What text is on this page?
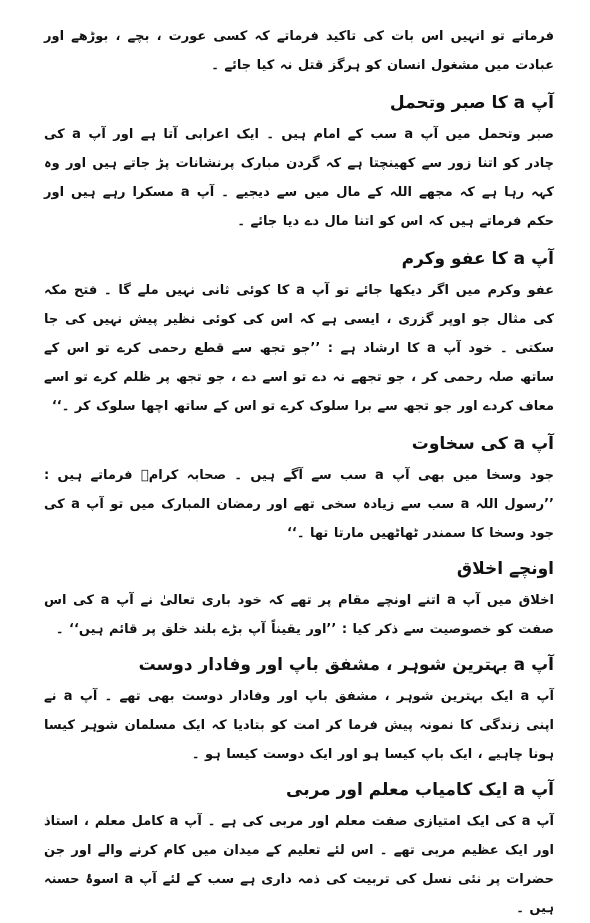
فرماتے تو انہیں اس بات کی تاکید فرماتے کہ کسی عورت ، بچے ، بوڑھے اور عبادت میں مشغول انسان کو ہرگز قتل نہ کیا جائے ۔

آپ a کا صبر وتحمل

صبر وتحمل میں آپ a سب کے امام ہیں ۔ ایک اعرابی آتا ہے اور آپ a کی چادر کو اتنا زور سے کھینچتا ہے کہ گردن مبارک پرنشانات پڑ جاتے ہیں اور وہ کہہ رہا ہے کہ مجھے اللہ کے مال میں سے دیجیے ۔ آپ a مسکرا رہے ہیں اور حکم فرماتے ہیں کہ اس کو اتنا مال دے دیا جائے ۔

آپ a کا عفو وکرم

عفو وکرم میں اگر دیکھا جائے تو آپ a کا کوئی ثانی نہیں ملے گا ۔ فتح مکہ کی مثال جو اوپر گزری ، ایسی ہے کہ اس کی کوئی نظیر پیش نہیں کی جا سکتی ۔ خود آپ a کا ارشاد ہے : ’’جو تجھ سے قطع رحمی کرے تو اس کے ساتھ صلہ رحمی کر ، جو تجھے نہ دے تو اسے دے ، جو تجھ پر ظلم کرے تو اسے معاف کردے اور جو تجھ سے برا سلوک کرے تو اس کے ساتھ اچھا سلوک کر ۔‘‘

آپ a کی سخاوت

جود وسخا میں بھی آپ a سب سے آگے ہیں ۔ صحابہ کرامؓ فرماتے ہیں : ’’رسول اللہ a سب سے زیادہ سخی تھے اور رمضان المبارک میں تو آپ a کی جود وسخا کا سمندر ٹھاٹھیں مارتا تھا ۔‘‘

اونچے اخلاق

اخلاق میں آپ a اتنے اونچے مقام پر تھے کہ خود باری تعالیٰ نے آپ a کی اس صفت کو خصوصیت سے ذکر کیا : ’’اور یقیناً آپ بڑے بلند خلق پر قائم ہیں‘‘ ۔

آپ a بہترین شوہر ، مشفق باپ اور وفادار دوست

آپ a ایک بہترین شوہر ، مشفق باپ اور وفادار دوست بھی تھے ۔ آپ a نے اپنی زندگی کا نمونہ پیش فرما کر امت کو بتادیا کہ ایک مسلمان شوہر کیسا ہونا چاہیے ، ایک باپ کیسا ہو اور ایک دوست کیسا ہو ۔

آپ a ایک کامیاب معلم اور مربی

آپ a کی ایک امتیازی صفت معلم اور مربی کی ہے ۔ آپ a کامل معلم ، استاذ اور ایک عظیم مربی تھے ۔ اس لئے تعلیم کے میدان میں کام کرنے والے اور جن حضرات پر نئی نسل کی تربیت کی ذمہ داری ہے سب کے لئے آپ a اسوۂ حسنہ ہیں ۔
